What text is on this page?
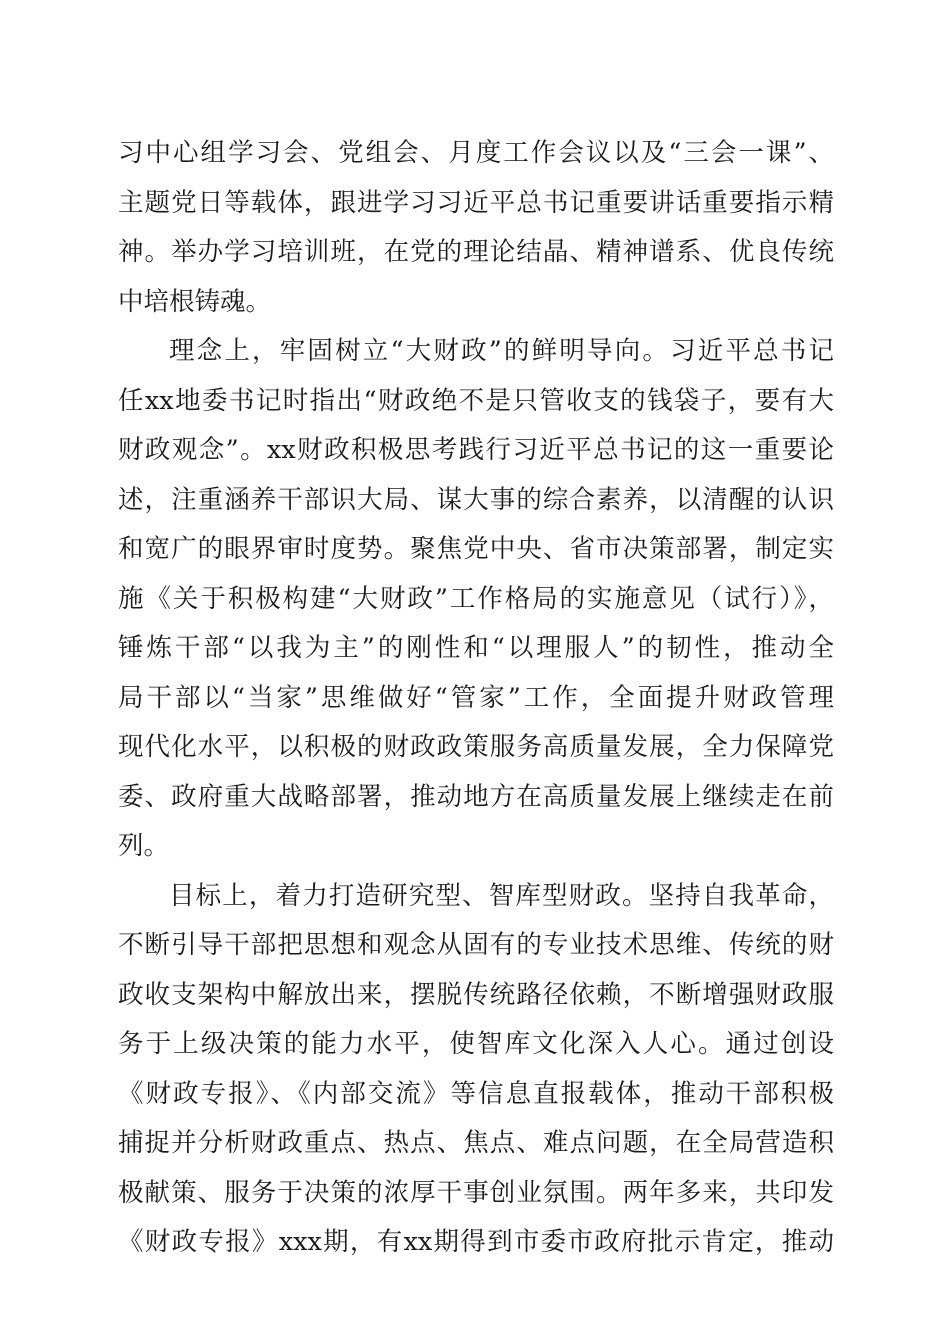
习中心组学习会、党组会、月度工作会议以及“三会一课”、
主题党日等载体，跟进学习习近平总书记重要讲话重要指示精
神。举办学习培训班，在党的理论结晶、精神谱系、优良传统
中培根铸魂。
理念上，牢固树立“大财政”的鲜明导向。习近平总书记
任xx地委书记时指出“财政绝不是只管收支的钱袋子，要有大
财政观念”。xx财政积极思考践行习近平总书记的这一重要论
述，注重涵养干部识大局、谋大事的综合素养，以清醒的认识
和宽广的眼界审时度势。聚焦党中央、省市决策部署，制定实
施《关于积极构建“大财政”工作格局的实施意见（试行）》，
锤炼干部“以我为主”的刚性和“以理服人”的韧性，推动全
局干部以“当家”思维做好“管家”工作，全面提升财政管理
现代化水平，以积极的财政政策服务高质量发展，全力保障党
委、政府重大战略部署，推动地方在高质量发展上继续走在前
列。
目标上，着力打造研究型、智库型财政。坚持自我革命，
不断引导干部把思想和观念从固有的专业技术思维、传统的财
政收支架构中解放出来，摆脱传统路径依赖，不断增强财政服
务于上级决策的能力水平，使智库文化深入人心。通过创设
《财政专报》、《内部交流》等信息直报载体，推动干部积极
捕捉并分析财政重点、热点、焦点、难点问题，在全局营造积
极献策、服务于决策的浓厚干事创业氛围。两年多来，共印发
《财政专报》xxx期，有xx期得到市委市政府批示肯定，推动
